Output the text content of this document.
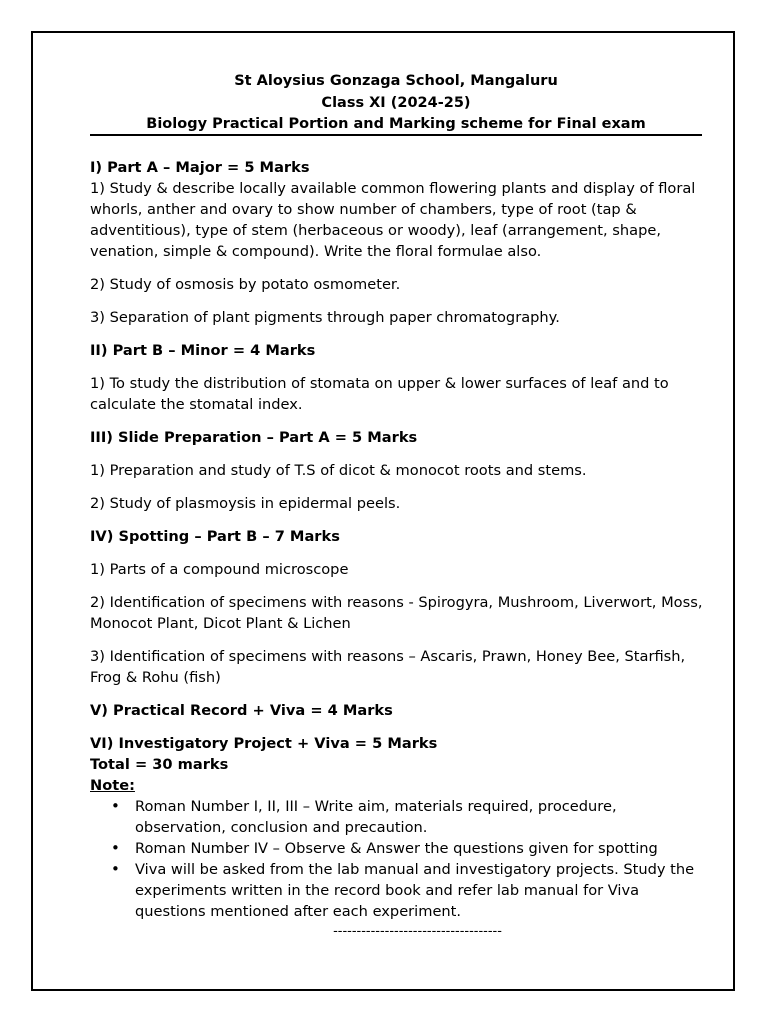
St Aloysius Gonzaga School, Mangaluru
Class XI (2024-25)
Biology Practical Portion and Marking scheme for Final exam

I) Part A – Major = 5 Marks

1) Study & describe locally available common flowering plants and display of floral whorls, anther and ovary to show number of chambers, type of root (tap & adventitious), type of stem (herbaceous or woody), leaf (arrangement, shape, venation, simple & compound). Write the floral formulae also.

2) Study of osmosis by potato osmometer.

3) Separation of plant pigments through paper chromatography.

II) Part B – Minor = 4 Marks

1) To study the distribution of stomata on upper & lower surfaces of leaf and to calculate the stomatal index.

III) Slide Preparation – Part A = 5 Marks

1) Preparation and study of T.S of dicot & monocot roots and stems.

2) Study of plasmoysis in epidermal peels.

IV) Spotting – Part B – 7 Marks

1) Parts of a compound microscope

2) Identification of specimens with reasons - Spirogyra, Mushroom, Liverwort, Moss, Monocot Plant, Dicot Plant & Lichen

3) Identification of specimens with reasons – Ascaris, Prawn, Honey Bee, Starfish, Frog & Rohu (fish)

V) Practical Record + Viva = 4 Marks

VI) Investigatory Project + Viva = 5 Marks

Total = 30 marks

Note:

• Roman Number I, II, III – Write aim, materials required, procedure, observation, conclusion and precaution.
• Roman Number IV – Observe & Answer the questions given for spotting
• Viva will be asked from the lab manual and investigatory projects. Study the experiments written in the record book and refer lab manual for Viva questions mentioned after each experiment.

------------------------------------
